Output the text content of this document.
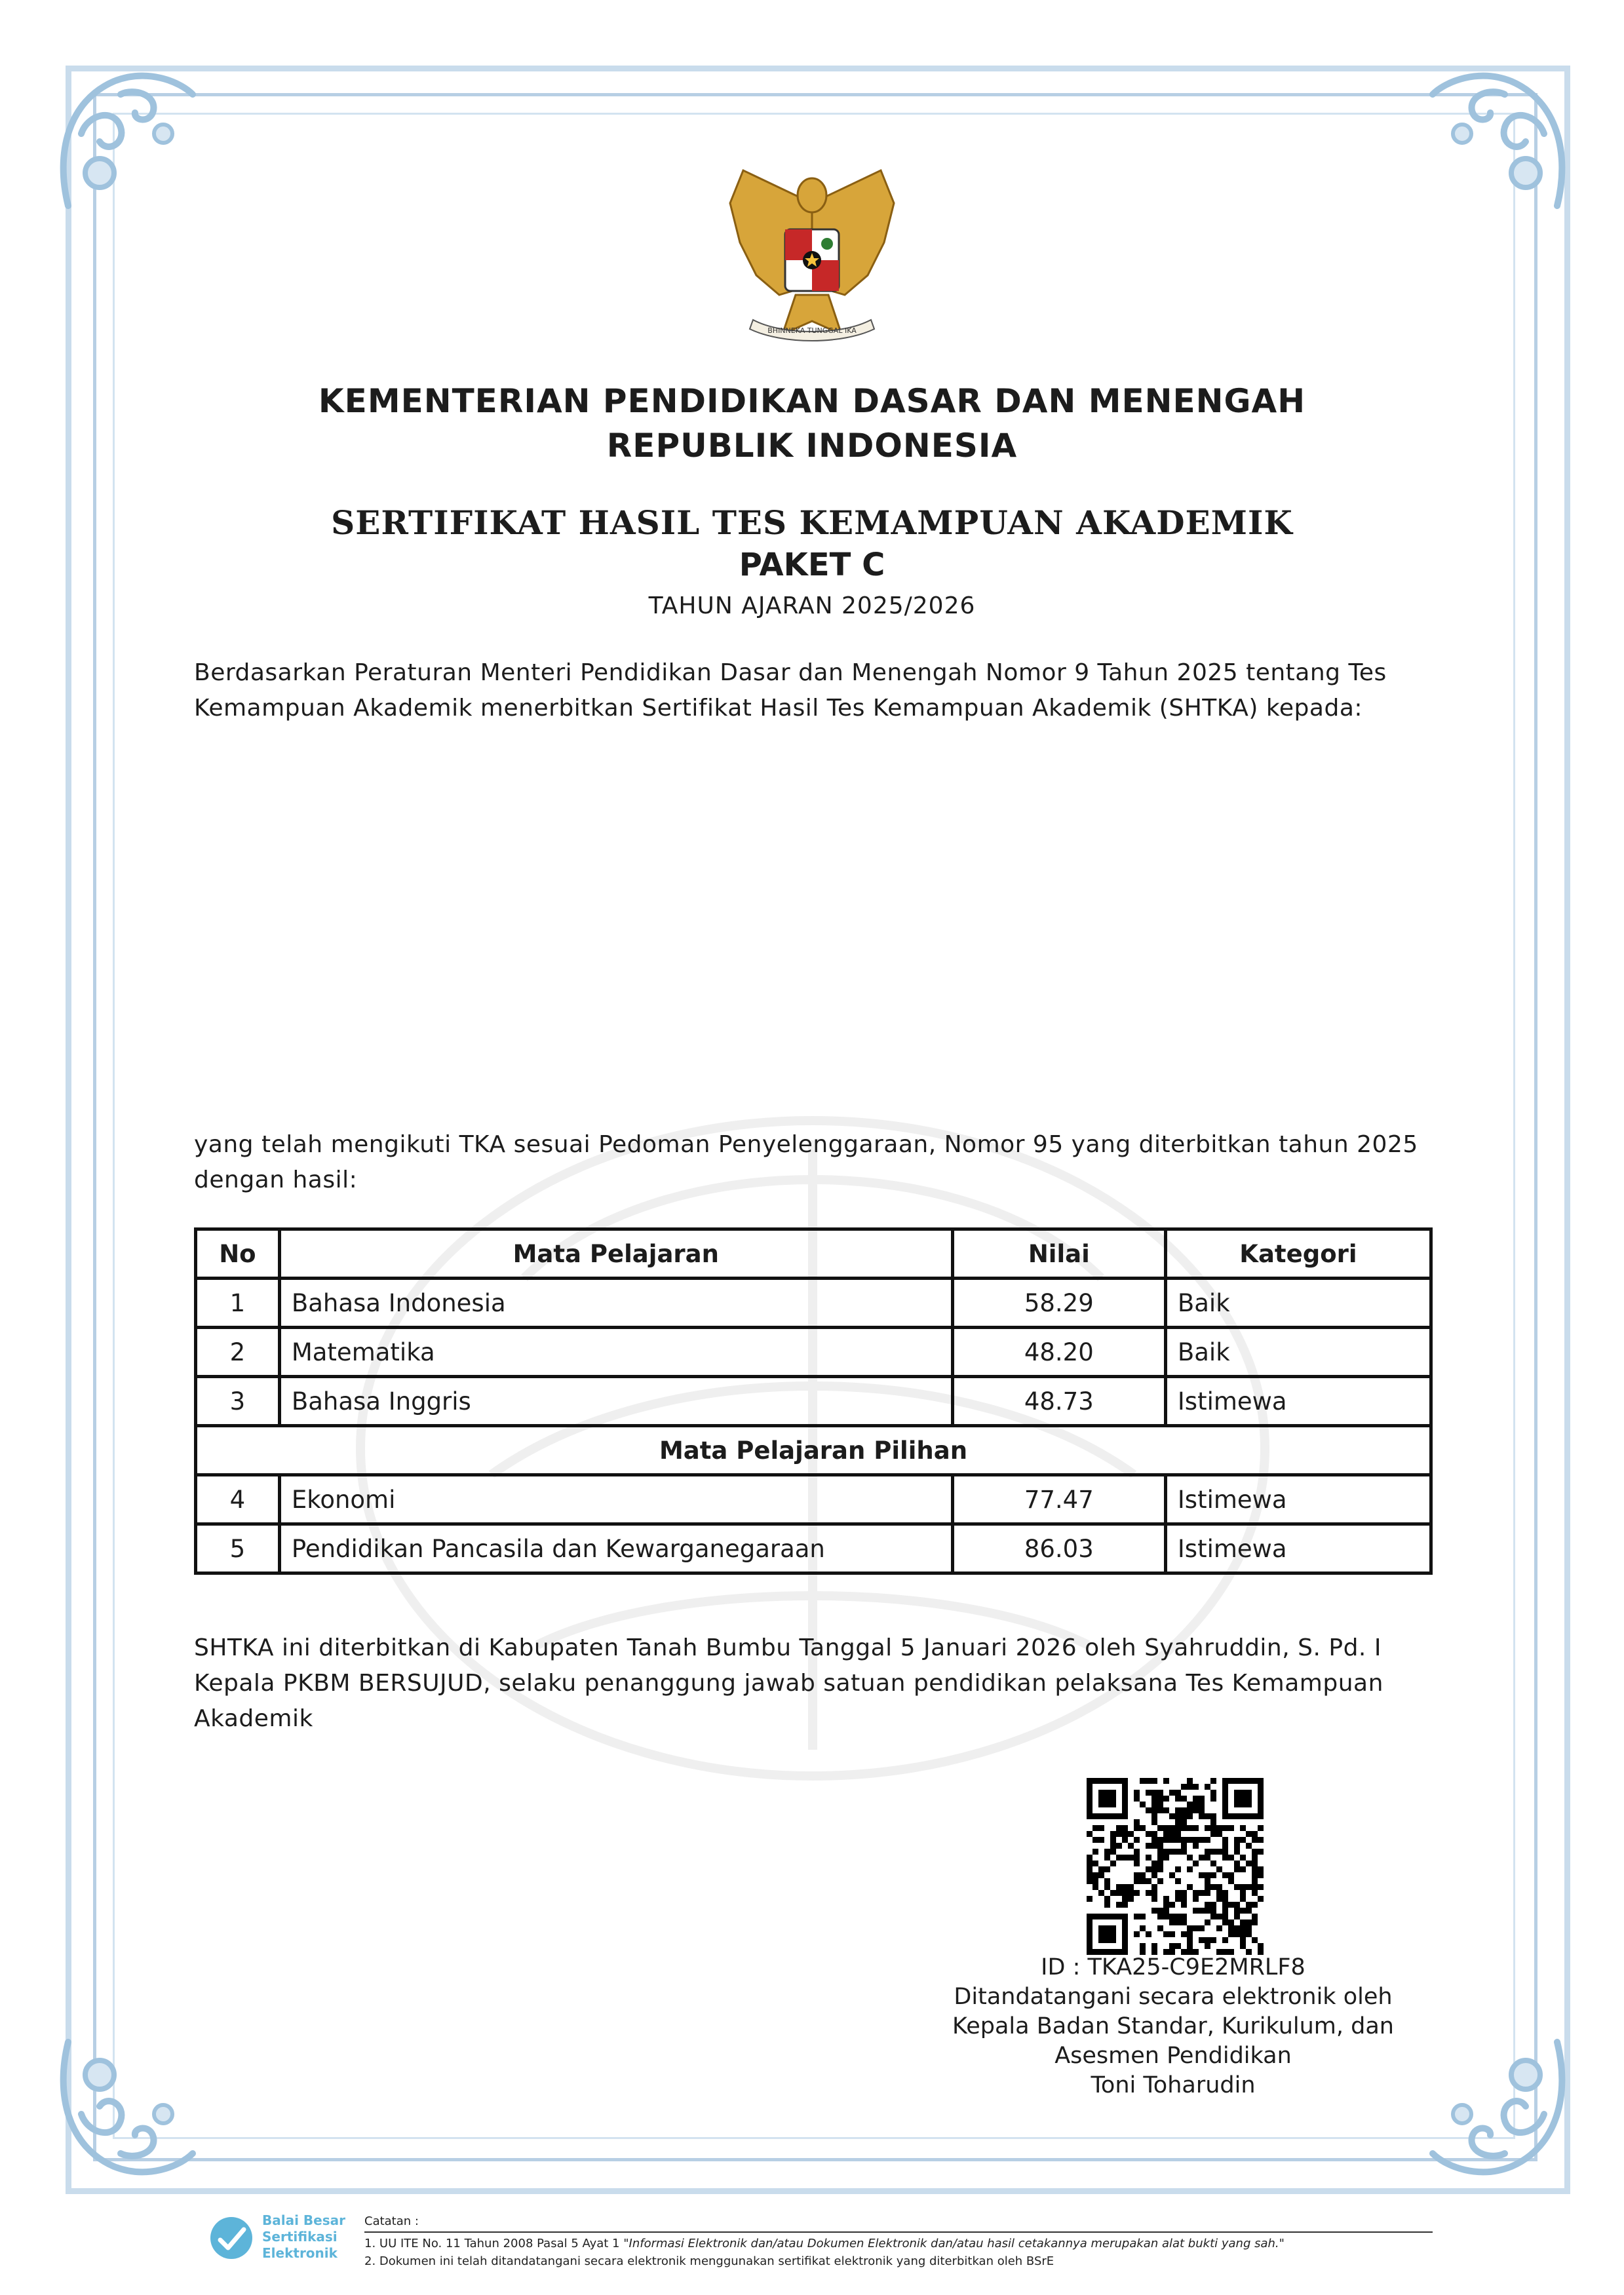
BHINNEKA TUNGGAL IKA
KEMENTERIAN PENDIDIKAN DASAR DAN MENENGAH
REPUBLIK INDONESIA
SERTIFIKAT HASIL TES KEMAMPUAN AKADEMIK
PAKET C
TAHUN AJARAN 2025/2026
Berdasarkan Peraturan Menteri Pendidikan Dasar dan Menengah Nomor 9 Tahun 2025 tentang Tes
Kemampuan Akademik menerbitkan Sertifikat Hasil Tes Kemampuan Akademik (SHTKA) kepada:
yang telah mengikuti TKA sesuai Pedoman Penyelenggaraan, Nomor 95 yang diterbitkan tahun 2025
dengan hasil:
No	Mata Pelajaran	Nilai	Kategori
1	Bahasa Indonesia	58.29	Baik
2	Matematika	48.20	Baik
3	Bahasa Inggris	48.73	Istimewa
Mata Pelajaran Pilihan			
4	Ekonomi	77.47	Istimewa
5	Pendidikan Pancasila dan Kewarganegaraan	86.03	Istimewa
SHTKA ini diterbitkan di Kabupaten Tanah Bumbu Tanggal 5 Januari 2026 oleh Syahruddin, S. Pd. I
Kepala PKBM BERSUJUD, selaku penanggung jawab satuan pendidikan pelaksana Tes Kemampuan
Akademik
ID : TKA25-C9E2MRLF8
Ditandatangani secara elektronik oleh
Kepala Badan Standar, Kurikulum, dan
Asesmen Pendidikan
Toni Toharudin
Balai Besar
Sertifikasi
Elektronik
Catatan :
1. UU ITE No. 11 Tahun 2008 Pasal 5 Ayat 1 "Informasi Elektronik dan/atau Dokumen Elektronik dan/atau hasil cetakannya merupakan alat bukti yang sah."
2. Dokumen ini telah ditandatangani secara elektronik menggunakan sertifikat elektronik yang diterbitkan oleh BSrE
